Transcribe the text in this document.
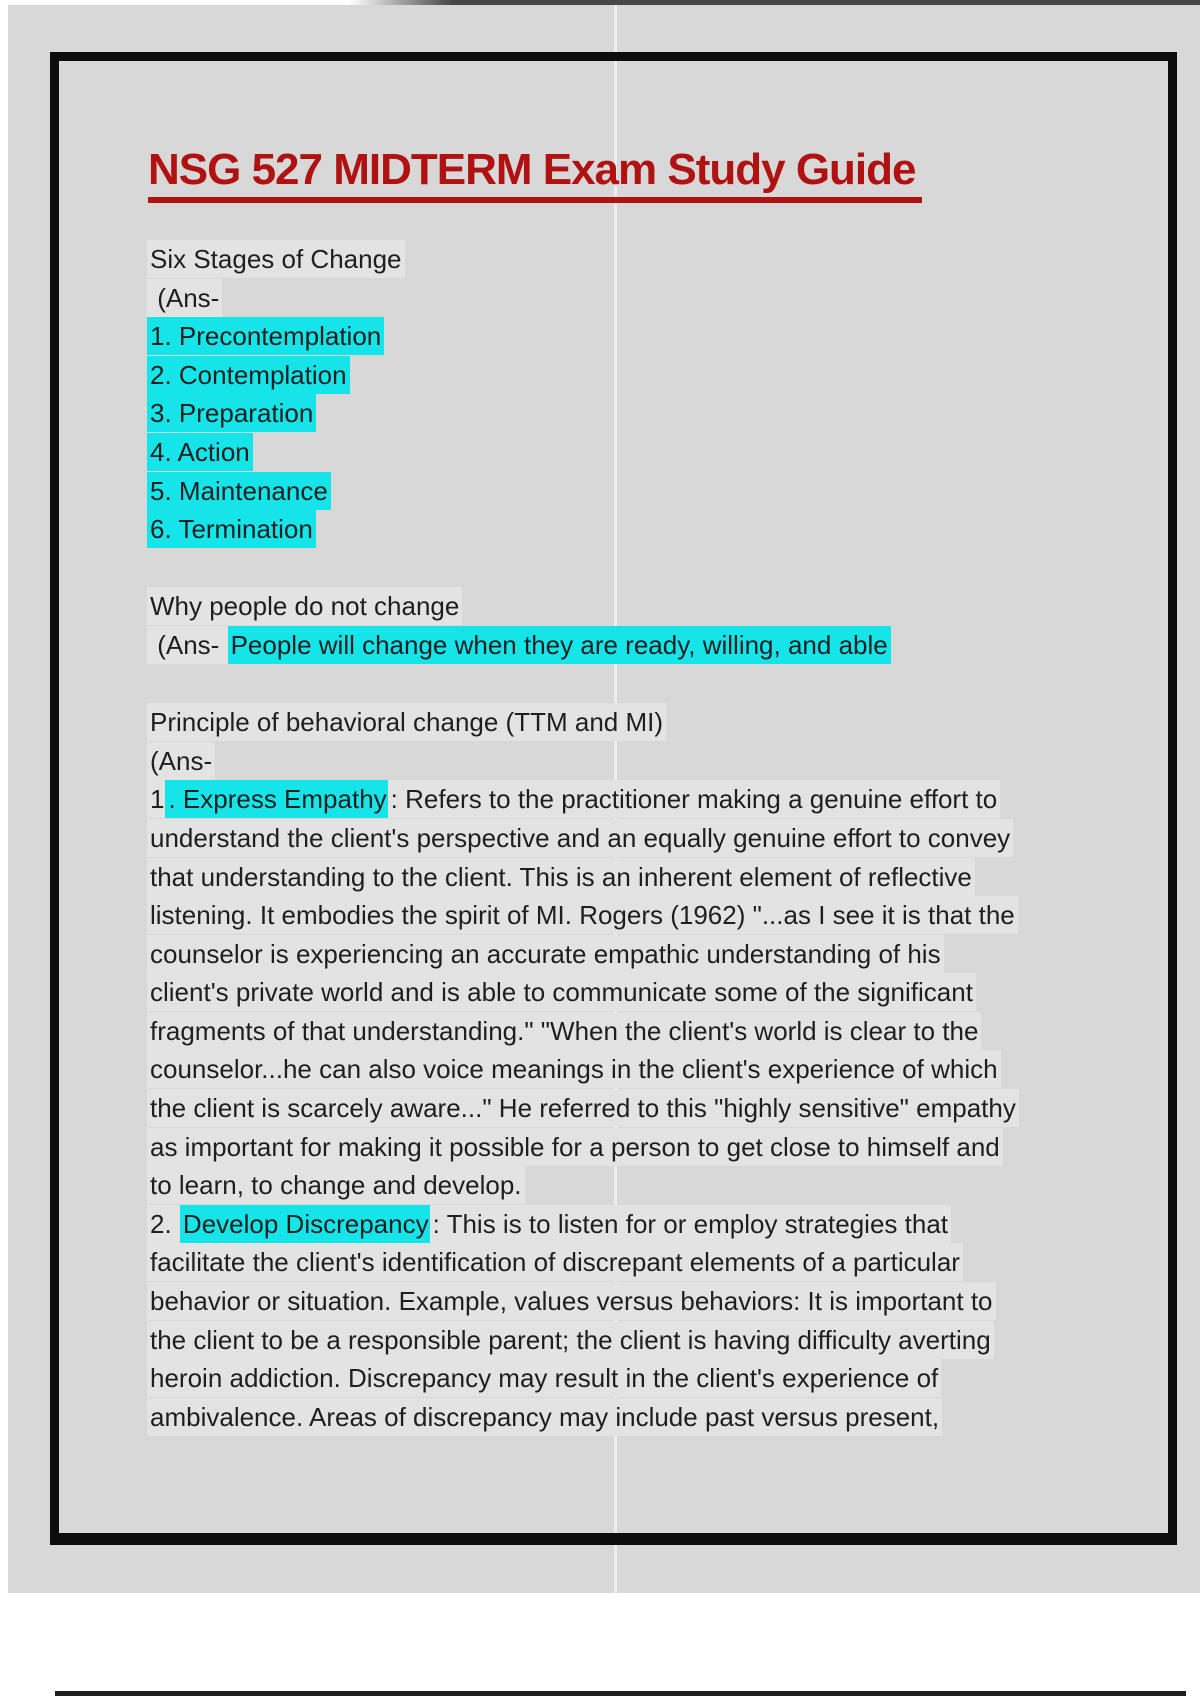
NSG 527 MIDTERM Exam Study Guide
Six Stages of Change
(Ans-
1. Precontemplation
2. Contemplation
3. Preparation
4. Action
5. Maintenance
6. Termination
Why people do not change
(Ans- People will change when they are ready, willing, and able
Principle of behavioral change (TTM and MI)
(Ans-
1 . Express Empathy : Refers to the practitioner making a genuine effort to
understand the client's perspective and an equally genuine effort to convey
that understanding to the client. This is an inherent element of reflective
listening. It embodies the spirit of MI. Rogers (1962) "...as I see it is that the
counselor is experiencing an accurate empathic understanding of his
client's private world and is able to communicate some of the significant
fragments of that understanding." "When the client's world is clear to the
counselor...he can also voice meanings in the client's experience of which
the client is scarcely aware..." He referred to this "highly sensitive" empathy
as important for making it possible for a person to get close to himself and
to learn, to change and develop.
2. Develop Discrepancy : This is to listen for or employ strategies that
facilitate the client's identification of discrepant elements of a particular
behavior or situation. Example, values versus behaviors: It is important to
the client to be a responsible parent; the client is having difficulty averting
heroin addiction. Discrepancy may result in the client's experience of
ambivalence. Areas of discrepancy may include past versus present,
